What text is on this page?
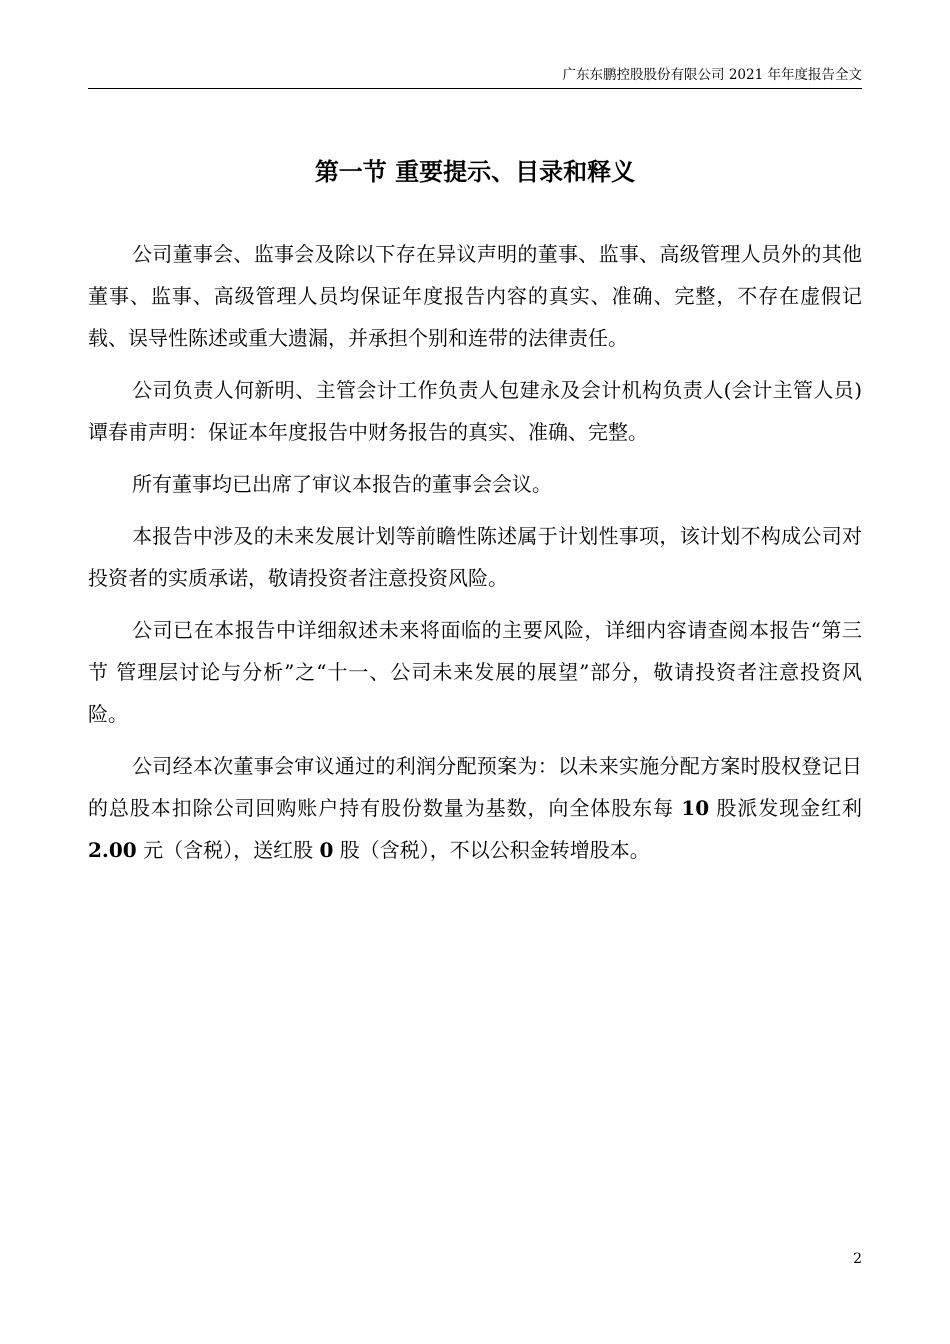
广东东鹏控股股份有限公司 2021 年年度报告全文
第一节 重要提示、目录和释义

公司董事会、监事会及除以下存在异议声明的董事、监事、高级管理人员外的其他董事、监事、高级管理人员均保证年度报告内容的真实、准确、完整，不存在虚假记载、误导性陈述或重大遗漏，并承担个别和连带的法律责任。

公司负责人何新明、主管会计工作负责人包建永及会计机构负责人(会计主管人员)谭春甫声明：保证本年度报告中财务报告的真实、准确、完整。

所有董事均已出席了审议本报告的董事会会议。

本报告中涉及的未来发展计划等前瞻性陈述属于计划性事项，该计划不构成公司对投资者的实质承诺，敬请投资者注意投资风险。

公司已在本报告中详细叙述未来将面临的主要风险，详细内容请查阅本报告“第三节 管理层讨论与分析”之“十一、公司未来发展的展望”部分，敬请投资者注意投资风险。

公司经本次董事会审议通过的利润分配预案为：以未来实施分配方案时股权登记日的总股本扣除公司回购账户持有股份数量为基数，向全体股东每 10 股派发现金红利 2.00 元（含税），送红股 0 股（含税），不以公积金转增股本。

2
